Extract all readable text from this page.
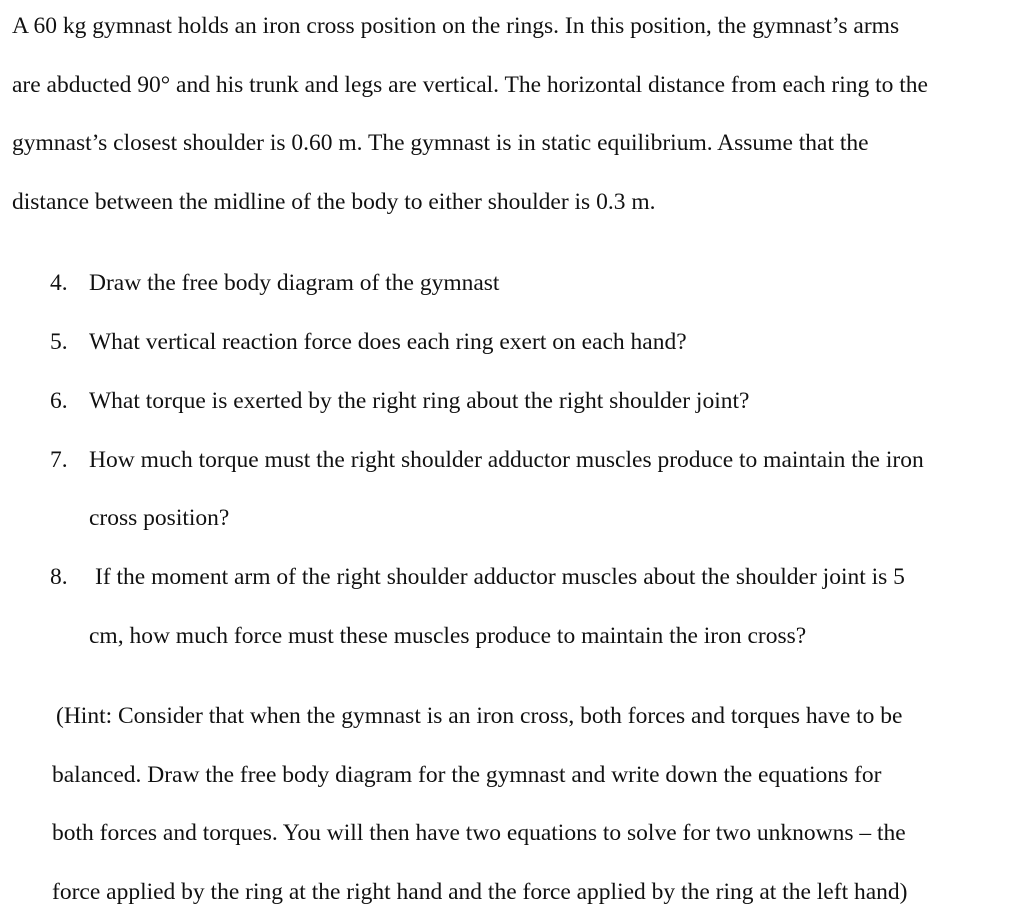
A 60 kg gymnast holds an iron cross position on the rings. In this position, the gymnast’s arms
are abducted 90° and his trunk and legs are vertical. The horizontal distance from each ring to the
gymnast’s closest shoulder is 0.60 m. The gymnast is in static equilibrium. Assume that the
distance between the midline of the body to either shoulder is 0.3 m.
4. Draw the free body diagram of the gymnast
5. What vertical reaction force does each ring exert on each hand?
6. What torque is exerted by the right ring about the right shoulder joint?
7. How much torque must the right shoulder adductor muscles produce to maintain the iron
cross position?
8. If the moment arm of the right shoulder adductor muscles about the shoulder joint is 5
cm, how much force must these muscles produce to maintain the iron cross?
(Hint: Consider that when the gymnast is an iron cross, both forces and torques have to be
balanced. Draw the free body diagram for the gymnast and write down the equations for
both forces and torques. You will then have two equations to solve for two unknowns – the
force applied by the ring at the right hand and the force applied by the ring at the left hand)
